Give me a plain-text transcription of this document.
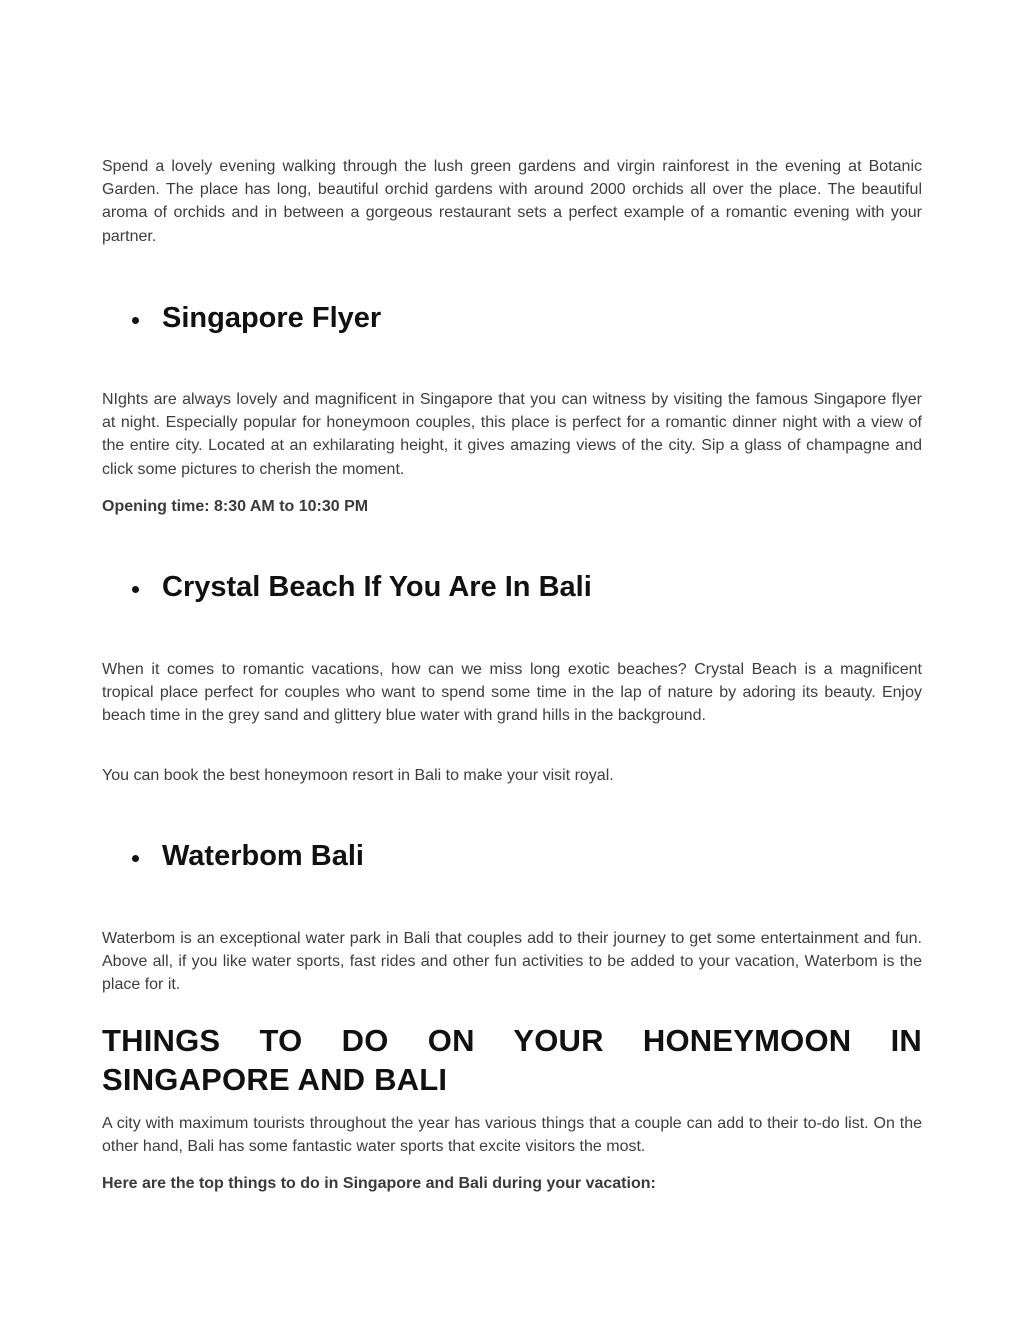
Spend a lovely evening walking through the lush green gardens and virgin rainforest in the evening at Botanic Garden. The place has long, beautiful orchid gardens with around 2000 orchids all over the place. The beautiful aroma of orchids and in between a gorgeous restaurant sets a perfect example of a romantic evening with your partner.

Singapore Flyer

NIghts are always lovely and magnificent in Singapore that you can witness by visiting the famous Singapore flyer at night. Especially popular for honeymoon couples, this place is perfect for a romantic dinner night with a view of the entire city. Located at an exhilarating height, it gives amazing views of the city. Sip a glass of champagne and click some pictures to cherish the moment.

Opening time: 8:30 AM to 10:30 PM

Crystal Beach If You Are In Bali

When it comes to romantic vacations, how can we miss long exotic beaches? Crystal Beach is a magnificent tropical place perfect for couples who want to spend some time in the lap of nature by adoring its beauty. Enjoy beach time in the grey sand and glittery blue water with grand hills in the background.

You can book the best honeymoon resort in Bali to make your visit royal.

Waterbom Bali

Waterbom is an exceptional water park in Bali that couples add to their journey to get some entertainment and fun. Above all, if you like water sports, fast rides and other fun activities to be added to your vacation, Waterbom is the place for it.

THINGS TO DO ON YOUR HONEYMOON IN SINGAPORE AND BALI

A city with maximum tourists throughout the year has various things that a couple can add to their to-do list. On the other hand, Bali has some fantastic water sports that excite visitors the most.

Here are the top things to do in Singapore and Bali during your vacation:
